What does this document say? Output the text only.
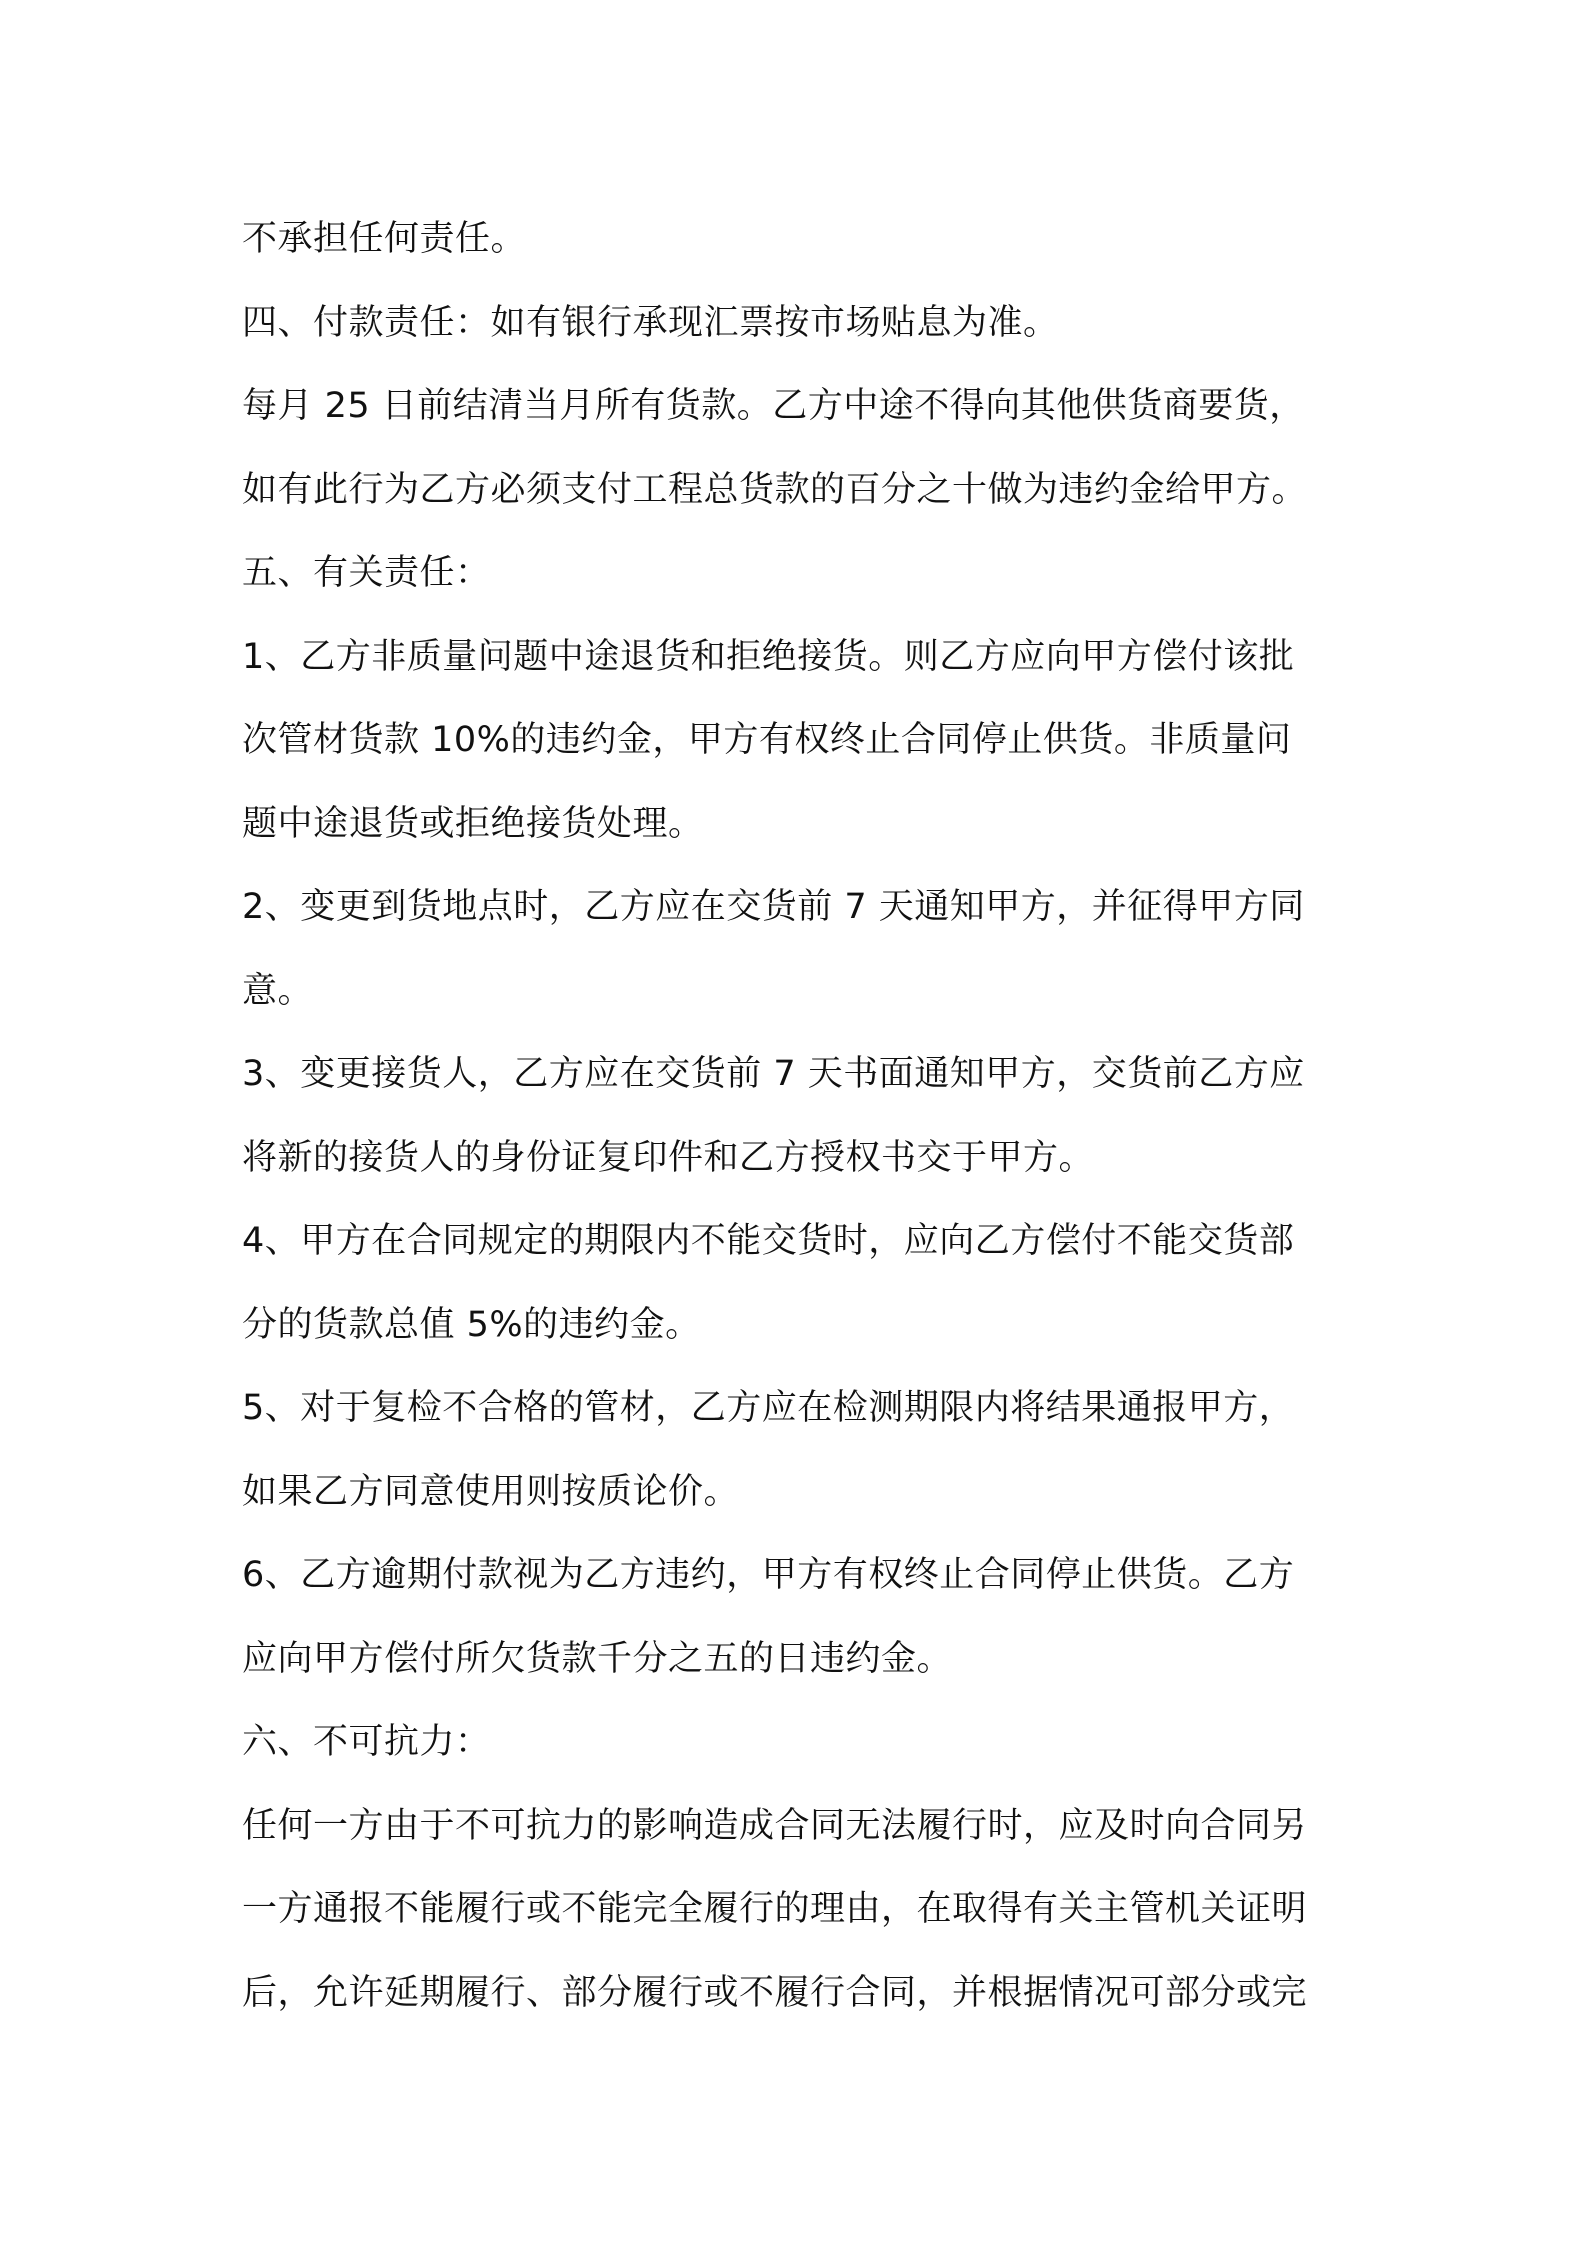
不承担任何责任。
四、付款责任：如有银行承现汇票按市场贴息为准。
每月 25 日前结清当月所有货款。乙方中途不得向其他供货商要货，
如有此行为乙方必须支付工程总货款的百分之十做为违约金给甲方。
五、有关责任：
1、乙方非质量问题中途退货和拒绝接货。则乙方应向甲方偿付该批
次管材货款 10%的违约金，甲方有权终止合同停止供货。非质量问
题中途退货或拒绝接货处理。
2、变更到货地点时，乙方应在交货前 7 天通知甲方，并征得甲方同
意。
3、变更接货人，乙方应在交货前 7 天书面通知甲方，交货前乙方应
将新的接货人的身份证复印件和乙方授权书交于甲方。
4、甲方在合同规定的期限内不能交货时，应向乙方偿付不能交货部
分的货款总值 5%的违约金。
5、对于复检不合格的管材，乙方应在检测期限内将结果通报甲方，
如果乙方同意使用则按质论价。
6、乙方逾期付款视为乙方违约，甲方有权终止合同停止供货。乙方
应向甲方偿付所欠货款千分之五的日违约金。
六、不可抗力：
任何一方由于不可抗力的影响造成合同无法履行时，应及时向合同另
一方通报不能履行或不能完全履行的理由，在取得有关主管机关证明
后，允许延期履行、部分履行或不履行合同，并根据情况可部分或完
